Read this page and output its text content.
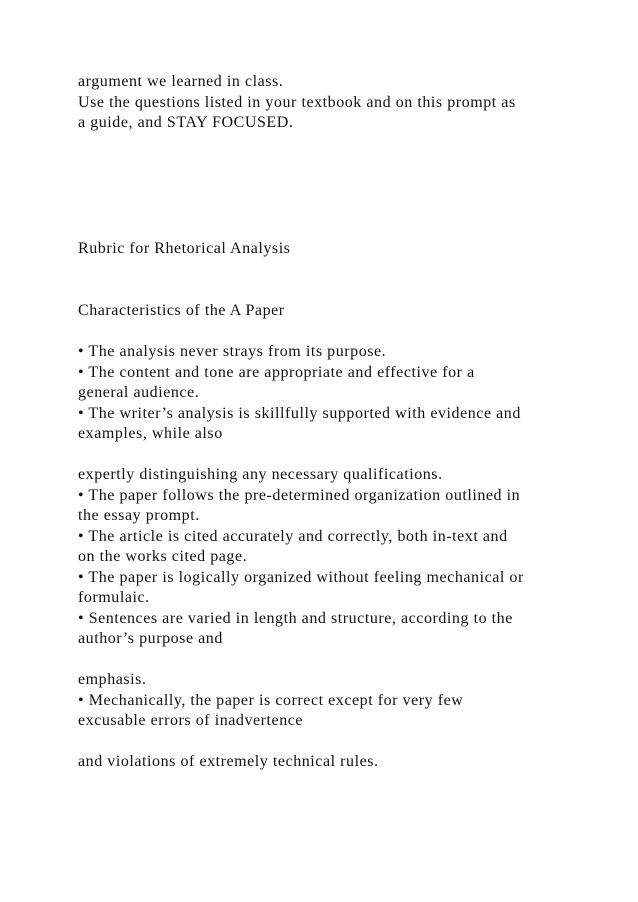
argument we learned in class.
Use the questions listed in your textbook and on this prompt as
a guide, and STAY FOCUSED.
Rubric for Rhetorical Analysis
Characteristics of the A Paper
• The analysis never strays from its purpose.
• The content and tone are appropriate and effective for a
general audience.
• The writer’s analysis is skillfully supported with evidence and
examples, while also
expertly distinguishing any necessary qualifications.
• The paper follows the pre-determined organization outlined in
the essay prompt.
• The article is cited accurately and correctly, both in-text and
on the works cited page.
• The paper is logically organized without feeling mechanical or
formulaic.
• Sentences are varied in length and structure, according to the
author’s purpose and
emphasis.
• Mechanically, the paper is correct except for very few
excusable errors of inadvertence
and violations of extremely technical rules.
